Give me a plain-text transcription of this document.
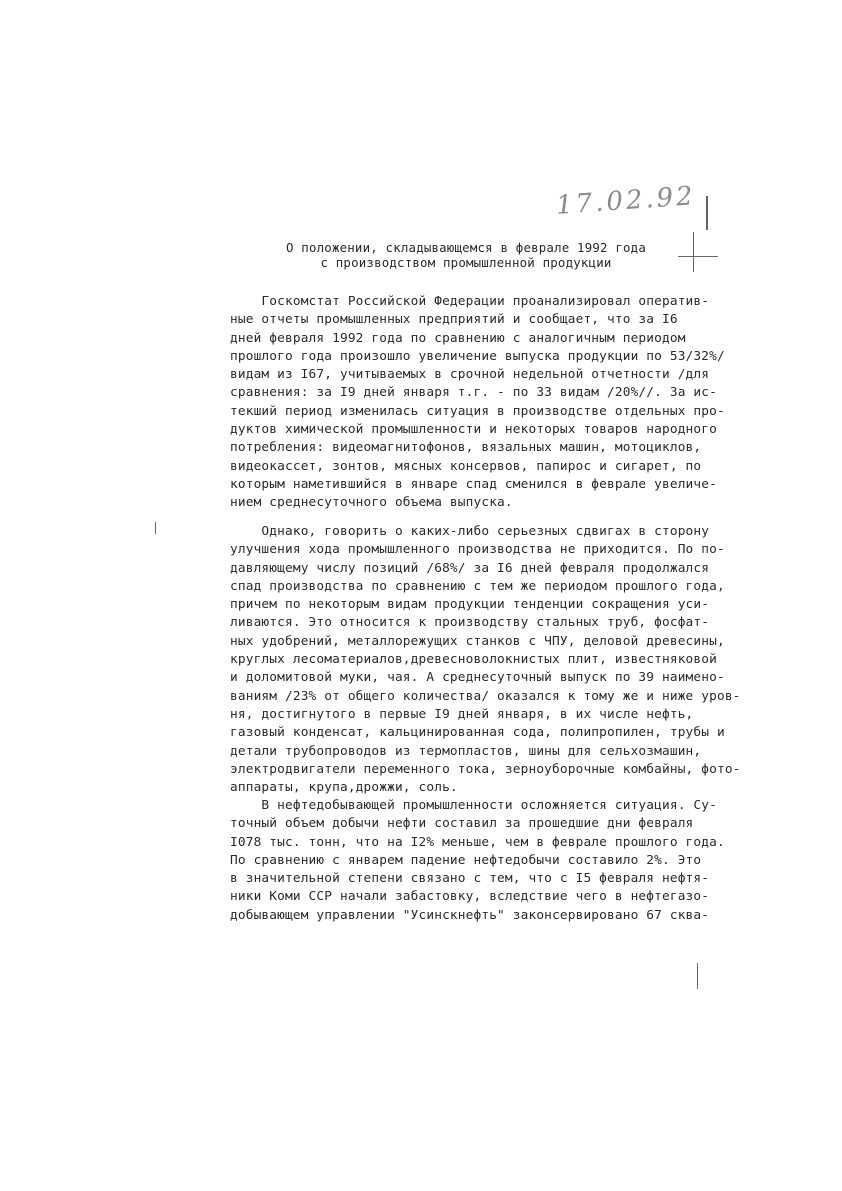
17.02.92
О положении, складывающемся в феврале 1992 года
с производством промышленной продукции
Госкомстат Российской Федерации проанализировал оператив-
ные отчеты промышленных предприятий и сообщает, что за I6
дней февраля 1992 года по сравнению с аналогичным периодом
прошлого года произошло увеличение выпуска продукции по 53/32%/
видам из I67, учитываемых в срочной недельной отчетности /для
сравнения: за I9 дней января т.г. - по 33 видам /20%//. За ис-
текший период изменилась ситуация в производстве отдельных про-
дуктов химической промышленности и некоторых товаров народного
потребления: видеомагнитофонов, вязальных машин, мотоциклов,
видеокассет, зонтов, мясных консервов, папирос и сигарет, по
которым наметившийся в январе спад сменился в феврале увеличе-
нием среднесуточного объема выпуска.
Однако, говорить о каких-либо серьезных сдвигах в сторону
улучшения хода промышленного производства не приходится. По по-
давляющему числу позиций /68%/ за I6 дней февраля продолжался
спад производства по сравнению с тем же периодом прошлого года,
причем по некоторым видам продукции тенденции сокращения уси-
ливаются. Это относится к производству стальных труб, фосфат-
ных удобрений, металлорежущих станков с ЧПУ, деловой древесины,
круглых лесоматериалов,древесноволокнистых плит, известняковой
и доломитовой муки, чая. А среднесуточный выпуск по 39 наимено-
ваниям /23% от общего количества/ оказался к тому же и ниже уров-
ня, достигнутого в первые I9 дней января, в их числе нефть,
газовый конденсат, кальцинированная сода, полипропилен, трубы и
детали трубопроводов из термопластов, шины для сельхозмашин,
электродвигатели переменного тока, зерноуборочные комбайны, фото-
аппараты, крупа,дрожжи, соль.
В нефтедобывающей промышленности осложняется ситуация. Су-
точный объем добычи нефти составил за прошедшие дни февраля
I078 тыс. тонн, что на I2% меньше, чем в феврале прошлого года.
По сравнению с январем падение нефтедобычи составило 2%. Это
в значительной степени связано с тем, что с I5 февраля нефтя-
ники Коми ССР начали забастовку, вследствие чего в нефтегазо-
добывающем управлении "Усинскнефть" законсервировано 67 сква-
